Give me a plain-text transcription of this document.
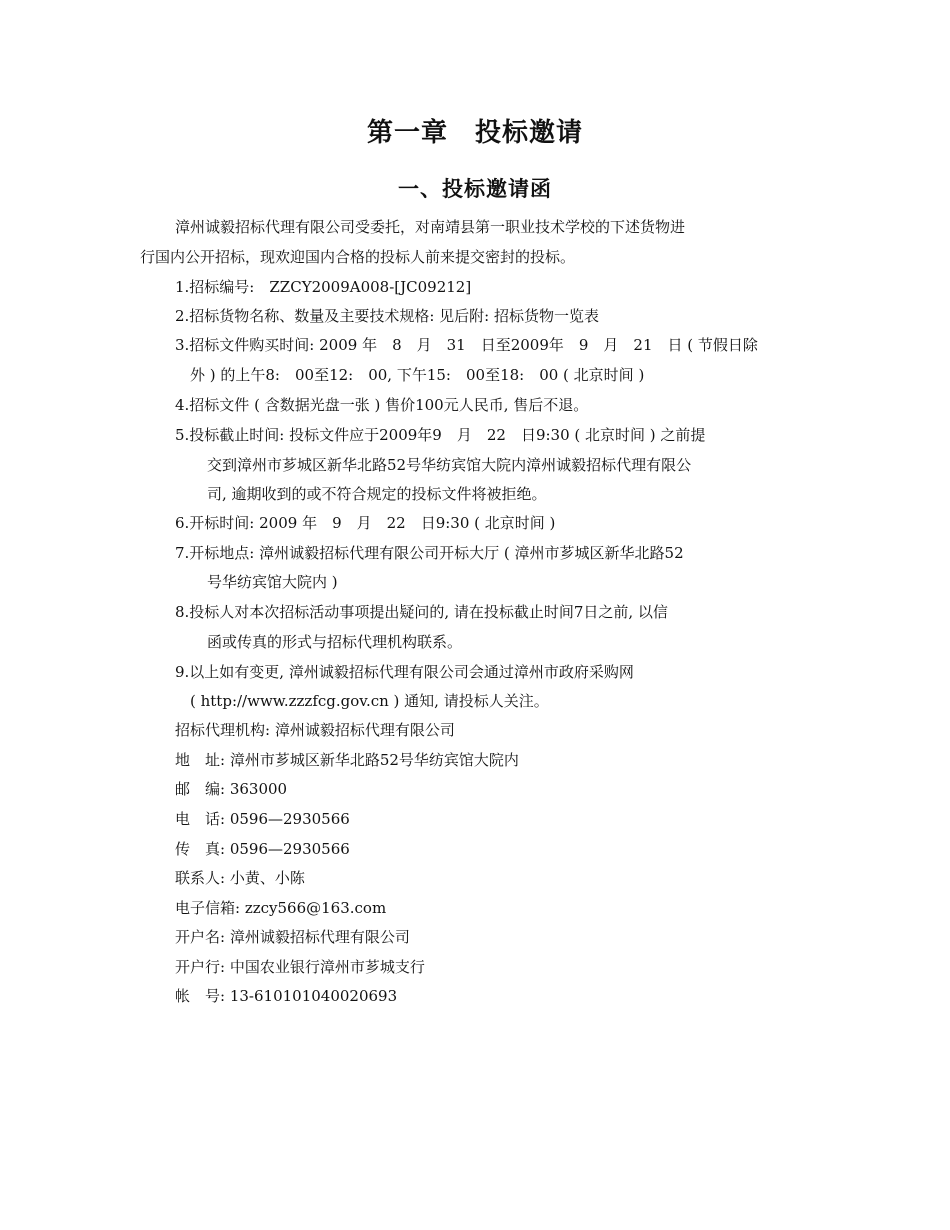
第一章　投标邀请
一、投标邀请函
漳州诚毅招标代理有限公司受委托，对南靖县第一职业技术学校的下述货物进
行国内公开招标，现欢迎国内合格的投标人前来提交密封的投标。
1.招标编号:　ZZCY2009A008-[JC09212]
2.招标货物名称、数量及主要技术规格: 见后附: 招标货物一览表
3.招标文件购买时间: 2009 年　8　月　31　日至2009年　9　月　21　日 ( 节假日除
外 ) 的上午8:　00至12:　00, 下午15:　00至18:　00 ( 北京时间 )
4.招标文件 ( 含数据光盘一张 ) 售价100元人民币, 售后不退。
5.投标截止时间: 投标文件应于2009年9　月　22　日9:30 ( 北京时间 ) 之前提
交到漳州市芗城区新华北路52号华纺宾馆大院内漳州诚毅招标代理有限公
司, 逾期收到的或不符合规定的投标文件将被拒绝。
6.开标时间: 2009 年　9　月　22　日9:30 ( 北京时间 )
7.开标地点: 漳州诚毅招标代理有限公司开标大厅 ( 漳州市芗城区新华北路52
号华纺宾馆大院内 )
8.投标人对本次招标活动事项提出疑问的, 请在投标截止时间7日之前, 以信
函或传真的形式与招标代理机构联系。
9.以上如有变更, 漳州诚毅招标代理有限公司会通过漳州市政府采购网
( http://www.zzzfcg.gov.cn ) 通知, 请投标人关注。
招标代理机构: 漳州诚毅招标代理有限公司
地　址: 漳州市芗城区新华北路52号华纺宾馆大院内
邮　编: 363000
电　话: 0596—2930566
传　真: 0596—2930566
联系人: 小黄、小陈
电子信箱: zzcy566@163.com
开户名: 漳州诚毅招标代理有限公司
开户行: 中国农业银行漳州市芗城支行
帐　号: 13-610101040020693
